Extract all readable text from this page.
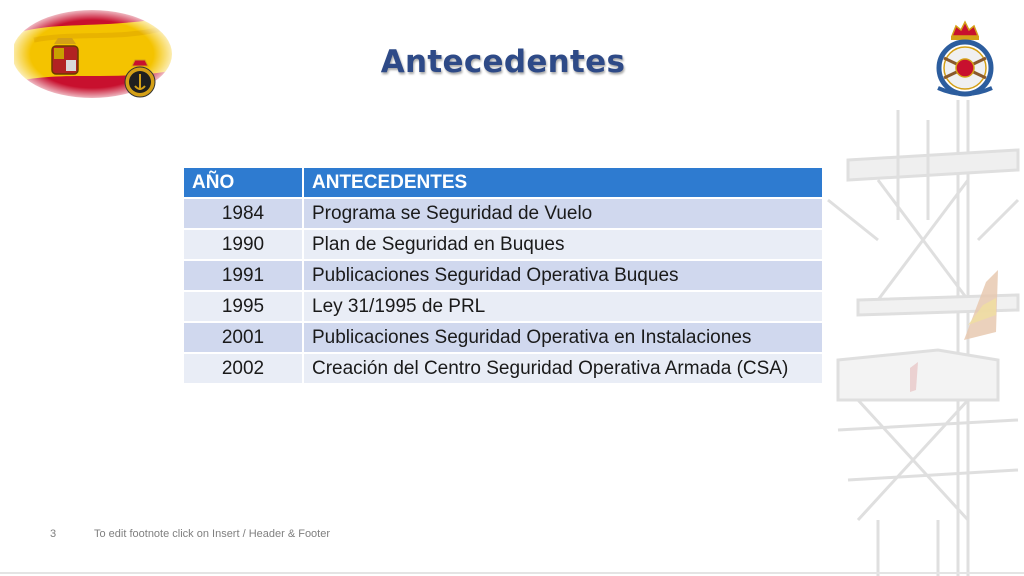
Antecedentes
AÑO	ANTECEDENTES
1984	Programa se Seguridad de Vuelo
1990	Plan de Seguridad en Buques
1991	Publicaciones Seguridad Operativa Buques
1995	Ley 31/1995 de PRL
2001	Publicaciones Seguridad Operativa en Instalaciones
2002	Creación del Centro Seguridad Operativa Armada (CSA)
3	To edit footnote click on Insert / Header & Footer
